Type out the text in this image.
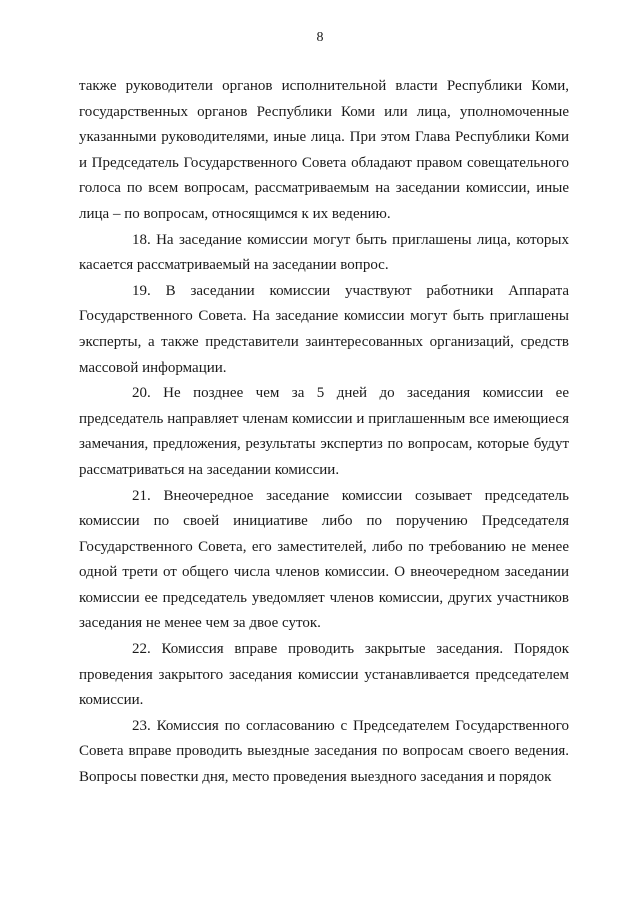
8

также руководители органов исполнительной власти Республики Коми, государственных органов Республики Коми или лица, уполномоченные указанными руководителями, иные лица. При этом Глава Республики Коми и Председатель Государственного Совета обладают правом совещательного голоса по всем вопросам, рассматриваемым на заседании комиссии, иные лица – по вопросам, относящимся к их ведению.

18. На заседание комиссии могут быть приглашены лица, которых касается рассматриваемый на заседании вопрос.

19. В заседании комиссии участвуют работники Аппарата Государственного Совета. На заседание комиссии могут быть приглашены эксперты, а также представители заинтересованных организаций, средств массовой информации.

20. Не позднее чем за 5 дней до заседания комиссии ее председатель направляет членам комиссии и приглашенным все имеющиеся замечания, предложения, результаты экспертиз по вопросам, которые будут рассматриваться на заседании комиссии.

21. Внеочередное заседание комиссии созывает председатель комиссии по своей инициативе либо по поручению Председателя Государственного Совета, его заместителей, либо по требованию не менее одной трети от общего числа членов комиссии. О внеочередном заседании комиссии ее председатель уведомляет членов комиссии, других участников заседания не менее чем за двое суток.

22. Комиссия вправе проводить закрытые заседания. Порядок проведения закрытого заседания комиссии устанавливается председателем комиссии.

23. Комиссия по согласованию с Председателем Государственного Совета вправе проводить выездные заседания по вопросам своего ведения. Вопросы повестки дня, место проведения выездного заседания и порядок
